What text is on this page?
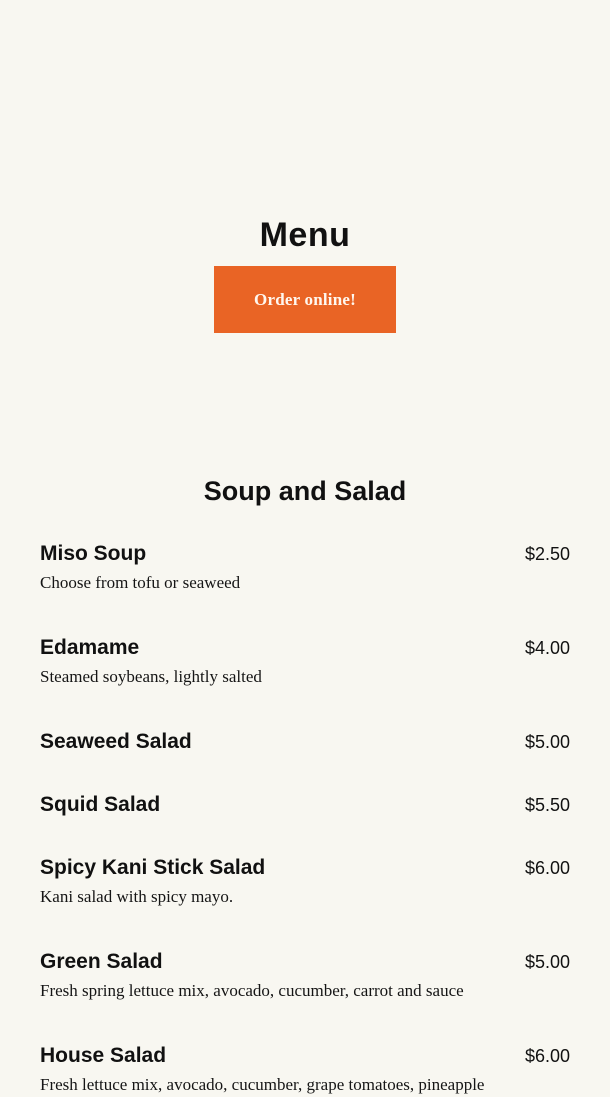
Menu
Order online!
Soup and Salad
Miso Soup	$2.50
Choose from tofu or seaweed
Edamame	$4.00
Steamed soybeans, lightly salted
Seaweed Salad	$5.00
Squid Salad	$5.50
Spicy Kani Stick Salad	$6.00
Kani salad with spicy mayo.
Green Salad	$5.00
Fresh spring lettuce mix, avocado, cucumber, carrot and sauce
House Salad	$6.00
Fresh lettuce mix, avocado, cucumber, grape tomatoes, pineapple
